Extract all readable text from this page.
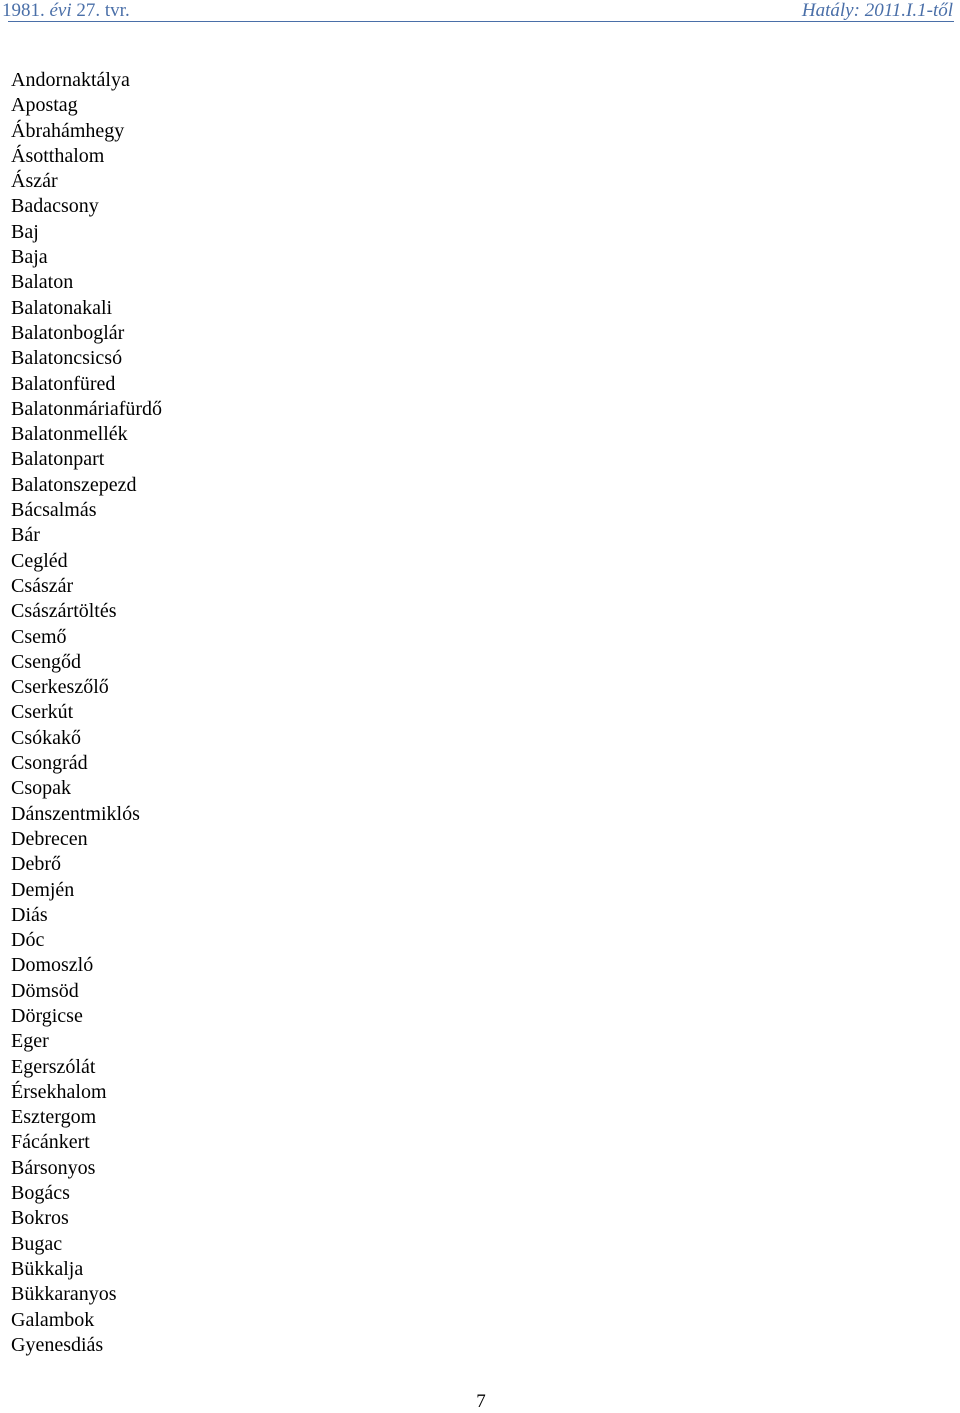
1981. évi 27. tvr.	Hatály: 2011.I.1-től
Andornaktálya
Apostag
Ábrahámhegy
Ásotthalom
Ászár
Badacsony
Baj
Baja
Balaton
Balatonakali
Balatonboglár
Balatoncsicsó
Balatonfüred
Balatonmáriafürdő
Balatonmellék
Balatonpart
Balatonszepezd
Bácsalmás
Bár
Cegléd
Császár
Császártöltés
Csemő
Csengőd
Cserkeszőlő
Cserkút
Csókakő
Csongrád
Csopak
Dánszentmiklós
Debrecen
Debrő
Demjén
Diás
Dóc
Domoszló
Dömsöd
Dörgicse
Eger
Egerszólát
Érsekhalom
Esztergom
Fácánkert
Bársonyos
Bogács
Bokros
Bugac
Bükkalja
Bükkaranyos
Galambok
Gyenesdiás
7
